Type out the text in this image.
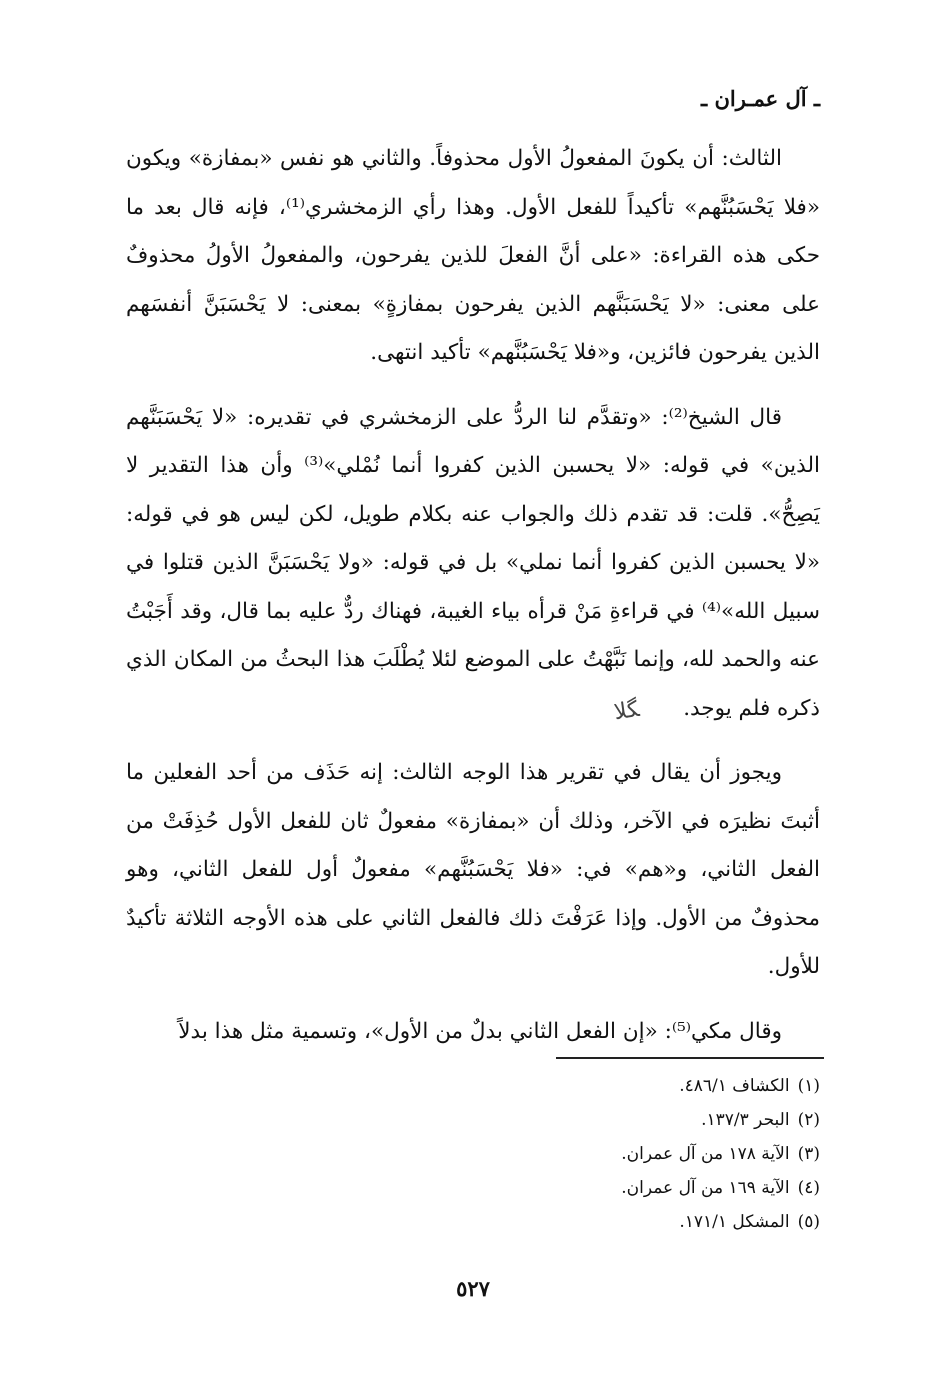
ـ آل عمـران ـ

الثالث: أن يكونَ المفعولُ الأول محذوفاً. والثاني هو نفس «بمفازة» ويكون «فلا يَحْسَبُنَّهم» تأكيداً للفعل الأول. وهذا رأي الزمخشري⁽¹⁾، فإنه قال بعد ما حكى هذه القراءة: «على أنَّ الفعلَ للذين يفرحون، والمفعولُ الأولُ محذوفٌ على معنى: «لا يَحْسَبَنَّهم الذين يفرحون بمفازةٍ» بمعنى: لا يَحْسَبَنَّ أنفسَهم الذين يفرحون فائزين، و«فلا يَحْسَبُنَّهم» تأكيد انتهى.

قال الشيخ⁽²⁾: «وتقدَّم لنا الردُّ على الزمخشري في تقديره: «لا يَحْسَبَنَّهم الذين» في قوله: «لا يحسبن الذين كفروا أنما نُمْلي»⁽³⁾ وأن هذا التقدير لا يَصِحُّ». قلت: قد تقدم ذلك والجواب عنه بكلام طويل، لكن ليس هو في قوله: «لا يحسبن الذين كفروا أنما نملي» بل في قوله: «ولا يَحْسَبَنَّ الذين قتلوا في سبيل الله»⁽⁴⁾ في قراءةِ مَنْ قرأه بياء الغيبة، فهناك ردٌّ عليه بما قال، وقد أَجَبْتُ عنه والحمد لله، وإنما نَبَّهْتُ على الموضع لئلا يُطْلَبَ هذا البحثُ من المكان الذي ذكره فلم يوجد.ﮕﻼ

ويجوز أن يقال في تقرير هذا الوجه الثالث: إنه حَذَف من أحد الفعلين ما أثبتَ نظيرَه في الآخر، وذلك أن «بمفازة» مفعولٌ ثان للفعل الأول حُذِفَتْ من الفعل الثاني، و«هم» في: «فلا يَحْسَبُنَّهم» مفعولٌ أول للفعل الثاني، وهو محذوفٌ من الأول. وإذا عَرَفْتَ ذلك فالفعل الثاني على هذه الأوجه الثلاثة تأكيدٌ للأول.

وقال مكي⁽⁵⁾: «إن الفعل الثاني بدلٌ من الأول»، وتسمية مثل هذا بدلاً

(١)الكشاف ٤٨٦/١.
(٢)البحر ١٣٧/٣.
(٣)الآية ١٧٨ من آل عمران.
(٤)الآية ١٦٩ من آل عمران.
(٥)المشكل ١٧١/١.
٥٢٧
